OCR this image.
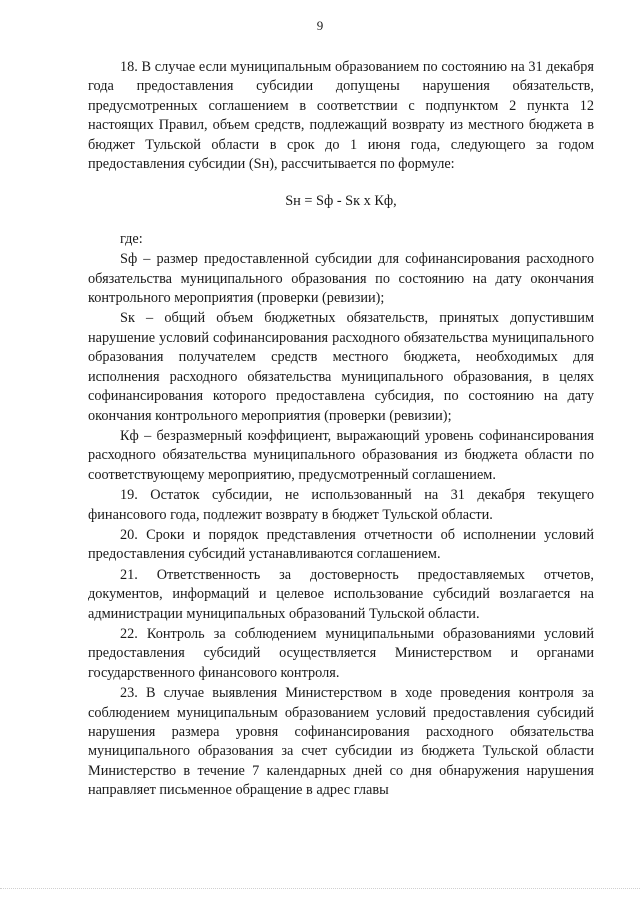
9

18. В случае если муниципальным образованием по состоянию на 31 декабря года предоставления субсидии допущены нарушения обязательств, предусмотренных соглашением в соответствии с подпунктом 2 пункта 12 настоящих Правил, объем средств, подлежащий возврату из местного бюджета в бюджет Тульской области в срок до 1 июня года, следующего за годом предоставления субсидии (Sн), рассчитывается по формуле:

Sн = Sф - Sк х Кф,

где:

Sф – размер предоставленной субсидии для софинансирования расходного обязательства муниципального образования по состоянию на дату окончания контрольного мероприятия (проверки (ревизии);

Sк – общий объем бюджетных обязательств, принятых допустившим нарушение условий софинансирования расходного обязательства муниципального образования получателем средств местного бюджета, необходимых для исполнения расходного обязательства муниципального образования, в целях софинансирования которого предоставлена субсидия, по состоянию на дату окончания контрольного мероприятия (проверки (ревизии);

Кф – безразмерный коэффициент, выражающий уровень софинансирования расходного обязательства муниципального образования из бюджета области по соответствующему мероприятию, предусмотренный соглашением.

19. Остаток субсидии, не использованный на 31 декабря текущего финансового года, подлежит возврату в бюджет Тульской области.

20. Сроки и порядок представления отчетности об исполнении условий предоставления субсидий устанавливаются соглашением.

21. Ответственность за достоверность предоставляемых отчетов, документов, информаций и целевое использование субсидий возлагается на администрации муниципальных образований Тульской области.

22. Контроль за соблюдением муниципальными образованиями условий предоставления субсидий осуществляется Министерством и органами государственного финансового контроля.

23. В случае выявления Министерством в ходе проведения контроля за соблюдением муниципальным образованием условий предоставления субсидий нарушения размера уровня софинансирования расходного обязательства муниципального образования за счет субсидии из бюджета Тульской области Министерство в течение 7 календарных дней со дня обнаружения нарушения направляет письменное обращение в адрес главы
